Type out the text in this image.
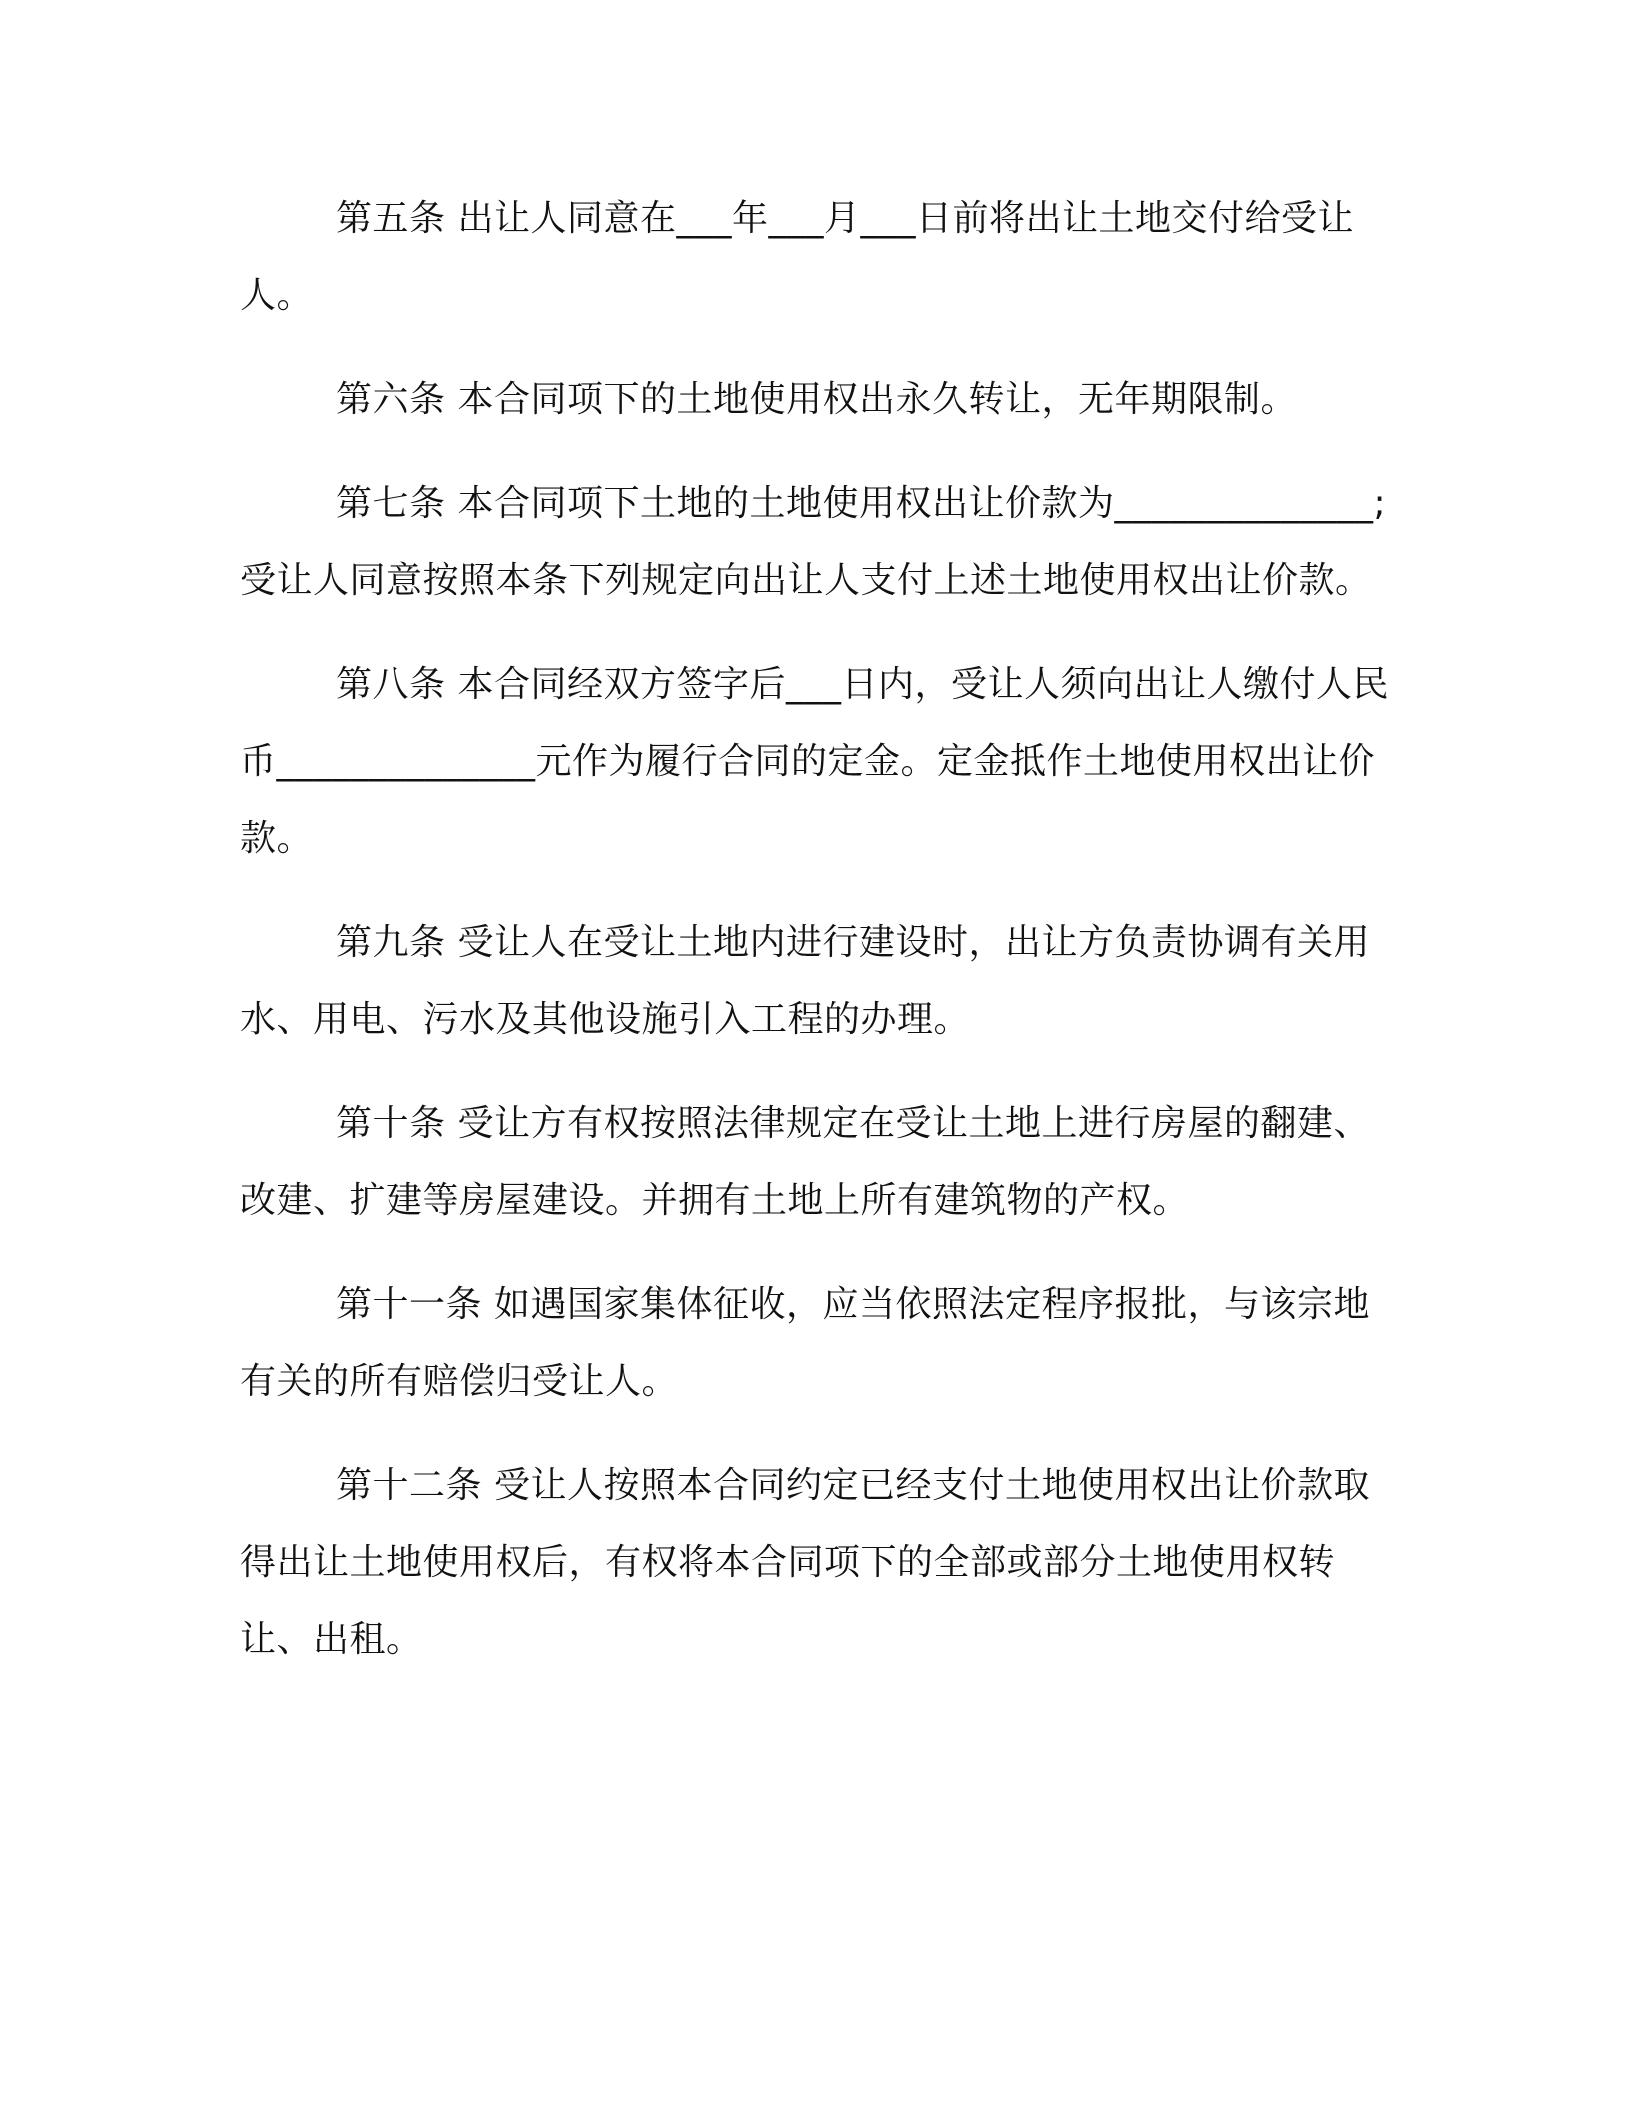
第五条 出让人同意在___年___月___日前将出让土地交付给受让人。

第六条 本合同项下的土地使用权出永久转让，无年期限制。

第七条 本合同项下土地的土地使用权出让价款为______________;受让人同意按照本条下列规定向出让人支付上述土地使用权出让价款。

第八条 本合同经双方签字后___日内，受让人须向出让人缴付人民币______________元作为履行合同的定金。定金抵作土地使用权出让价款。

第九条 受让人在受让土地内进行建设时，出让方负责协调有关用水、用电、污水及其他设施引入工程的办理。

第十条 受让方有权按照法律规定在受让土地上进行房屋的翻建、改建、扩建等房屋建设。并拥有土地上所有建筑物的产权。

第十一条 如遇国家集体征收，应当依照法定程序报批，与该宗地有关的所有赔偿归受让人。

第十二条 受让人按照本合同约定已经支付土地使用权出让价款取得出让土地使用权后，有权将本合同项下的全部或部分土地使用权转让、出租。
